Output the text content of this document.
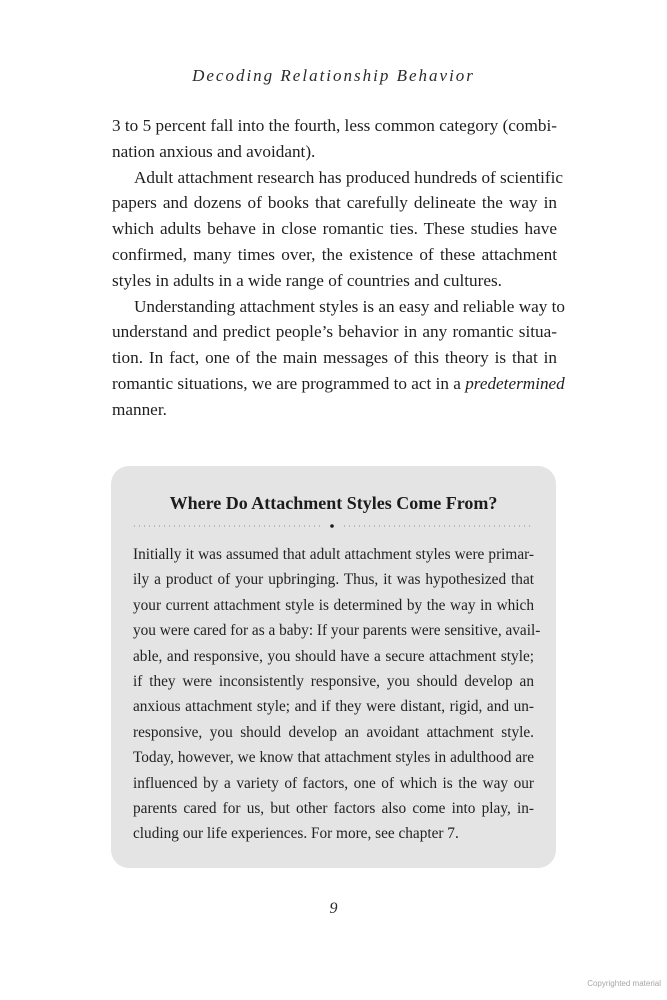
Decoding Relationship Behavior
3 to 5 percent fall into the fourth, less common category (combi-
nation anxious and avoidant).
Adult attachment research has produced hundreds of scientific
papers and dozens of books that carefully delineate the way in
which adults behave in close romantic ties. These studies have
confirmed, many times over, the existence of these attachment
styles in adults in a wide range of countries and cultures.
Understanding attachment styles is an easy and reliable way to
understand and predict people’s behavior in any romantic situa-
tion. In fact, one of the main messages of this theory is that in
romantic situations, we are programmed to act in a predetermined
manner.
Where Do Attachment Styles Come From?
Initially it was assumed that adult attachment styles were primar-
ily a product of your upbringing. Thus, it was hypothesized that
your current attachment style is determined by the way in which
you were cared for as a baby: If your parents were sensitive, avail-
able, and responsive, you should have a secure attachment style;
if they were inconsistently responsive, you should develop an
anxious attachment style; and if they were distant, rigid, and un-
responsive, you should develop an avoidant attachment style.
Today, however, we know that attachment styles in adulthood are
influenced by a variety of factors, one of which is the way our
parents cared for us, but other factors also come into play, in-
cluding our life experiences. For more, see chapter 7.
9
Copyrighted material
